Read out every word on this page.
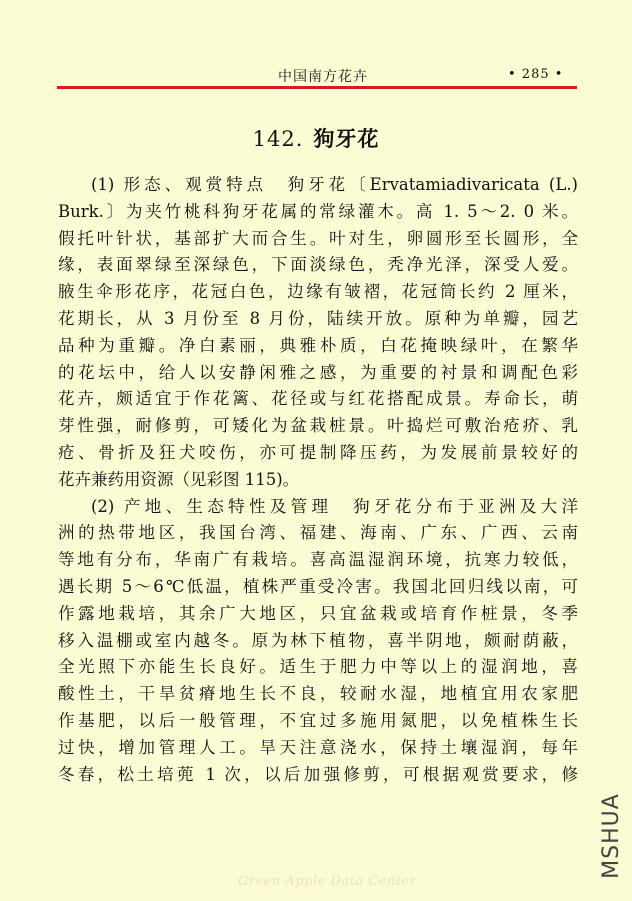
中国南方花卉	• 285 •
142. 狗牙花
(1) 形态、观赏特点　狗牙花〔Ervatamiadivaricata (L.)
Burk.〕为夹竹桃科狗牙花属的常绿灌木。高 1. 5～2. 0 米。
假托叶针状，基部扩大而合生。叶对生，卵圆形至长圆形，全
缘，表面翠绿至深绿色，下面淡绿色，秃净光泽，深受人爱。
腋生伞形花序，花冠白色，边缘有皱褶，花冠筒长约 2 厘米，
花期长，从 3 月份至 8 月份，陆续开放。原种为单瓣，园艺
品种为重瓣。净白素丽，典雅朴质，白花掩映绿叶，在繁华
的花坛中，给人以安静闲雅之感，为重要的衬景和调配色彩
花卉，颇适宜于作花篱、花径或与红花搭配成景。寿命长，萌
芽性强，耐修剪，可矮化为盆栽桩景。叶捣烂可敷治疮疥、乳
疮、骨折及狂犬咬伤，亦可提制降压药，为发展前景较好的
花卉兼药用资源（见彩图 115)。
(2) 产地、生态特性及管理　狗牙花分布于亚洲及大洋
洲的热带地区，我国台湾、福建、海南、广东、广西、云南
等地有分布，华南广有栽培。喜高温湿润环境，抗寒力较低，
遇长期 5～6℃低温，植株严重受冷害。我国北回归线以南，可
作露地栽培，其余广大地区，只宜盆栽或培育作桩景，冬季
移入温棚或室内越冬。原为林下植物，喜半阴地，颇耐荫蔽，
全光照下亦能生长良好。适生于肥力中等以上的湿润地，喜
酸性土，干旱贫瘠地生长不良，较耐水湿，地植宜用农家肥
作基肥，以后一般管理，不宜过多施用氮肥，以免植株生长
过快，增加管理人工。旱天注意浇水，保持土壤湿润，每年
冬春，松土培蔸 1 次，以后加强修剪，可根据观赏要求，修
Green Apple Data Center
MSHUA
